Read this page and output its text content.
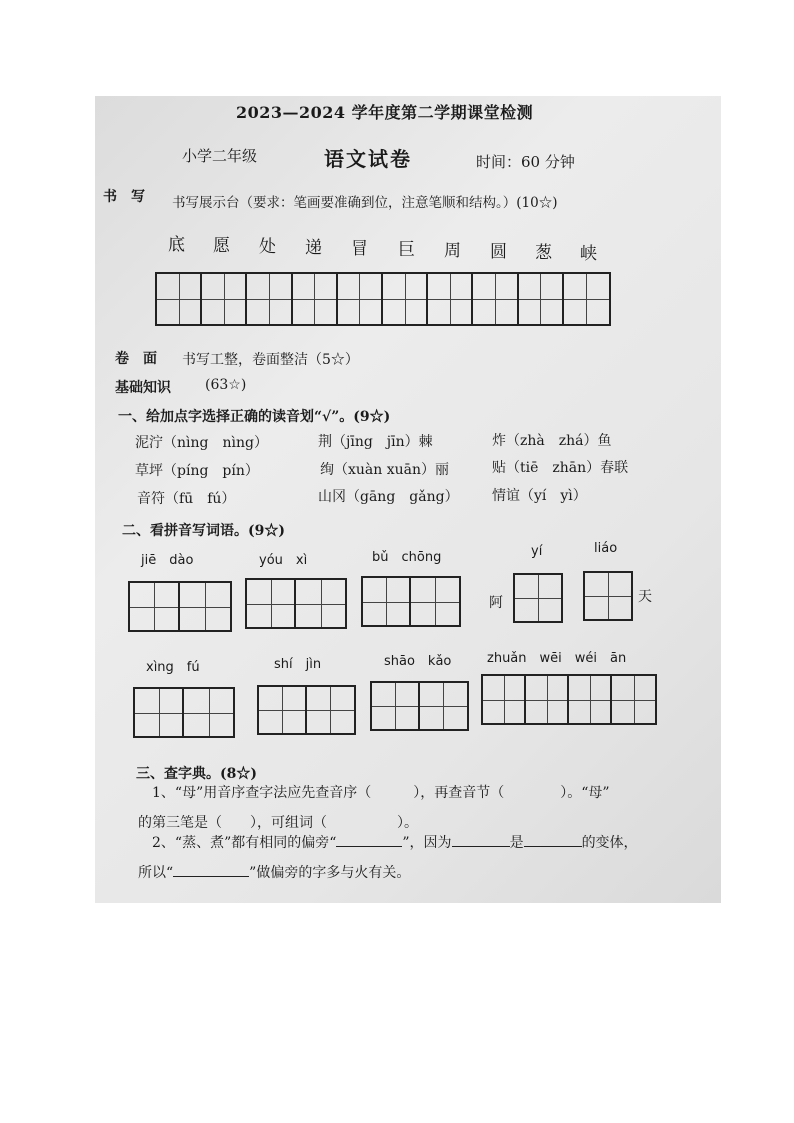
2023—2024 学年度第二学期课堂检测
小学二年级	语文试卷	时间：60 分钟
书　写 书写展示台（要求：笔画要准确到位，注意笔顺和结构。）(10☆)
底 愿 处 递 冒 巨 周 圆 葱 峡
卷　面 书写工整，卷面整洁（5☆）
基础知识 (63☆)
一、给加点字选择正确的读音划“√”。(9☆)
泥泞（nìng　nìng）	荆（jīng　jīn）棘	炸（zhà　zhá）鱼
草坪（píng　pín）	绚（xuàn xuān）丽	贴（tiē　zhān）春联
音符（fū　fú）	山冈（gāng　gǎng） 情谊（yí　yì）
二、看拼音写词语。(9☆)
jiē　dào	yóu　xì	bǔ　chōng	yí	liáo
阿	天
xìng　fú	shí　jìn	shāo　kǎo	zhuǎn　wēi　wéi　ān
三、查字典。(8☆)
1、“母”用音序查字法应先查音序（　　　），再查音节（　　　　）。“母”
的第三笔是（　　），可组词（　　　　　）。
2、“蒸、煮”都有相同的偏旁“	”，因为	是	的变体，
所以“	”做偏旁的字多与火有关。
